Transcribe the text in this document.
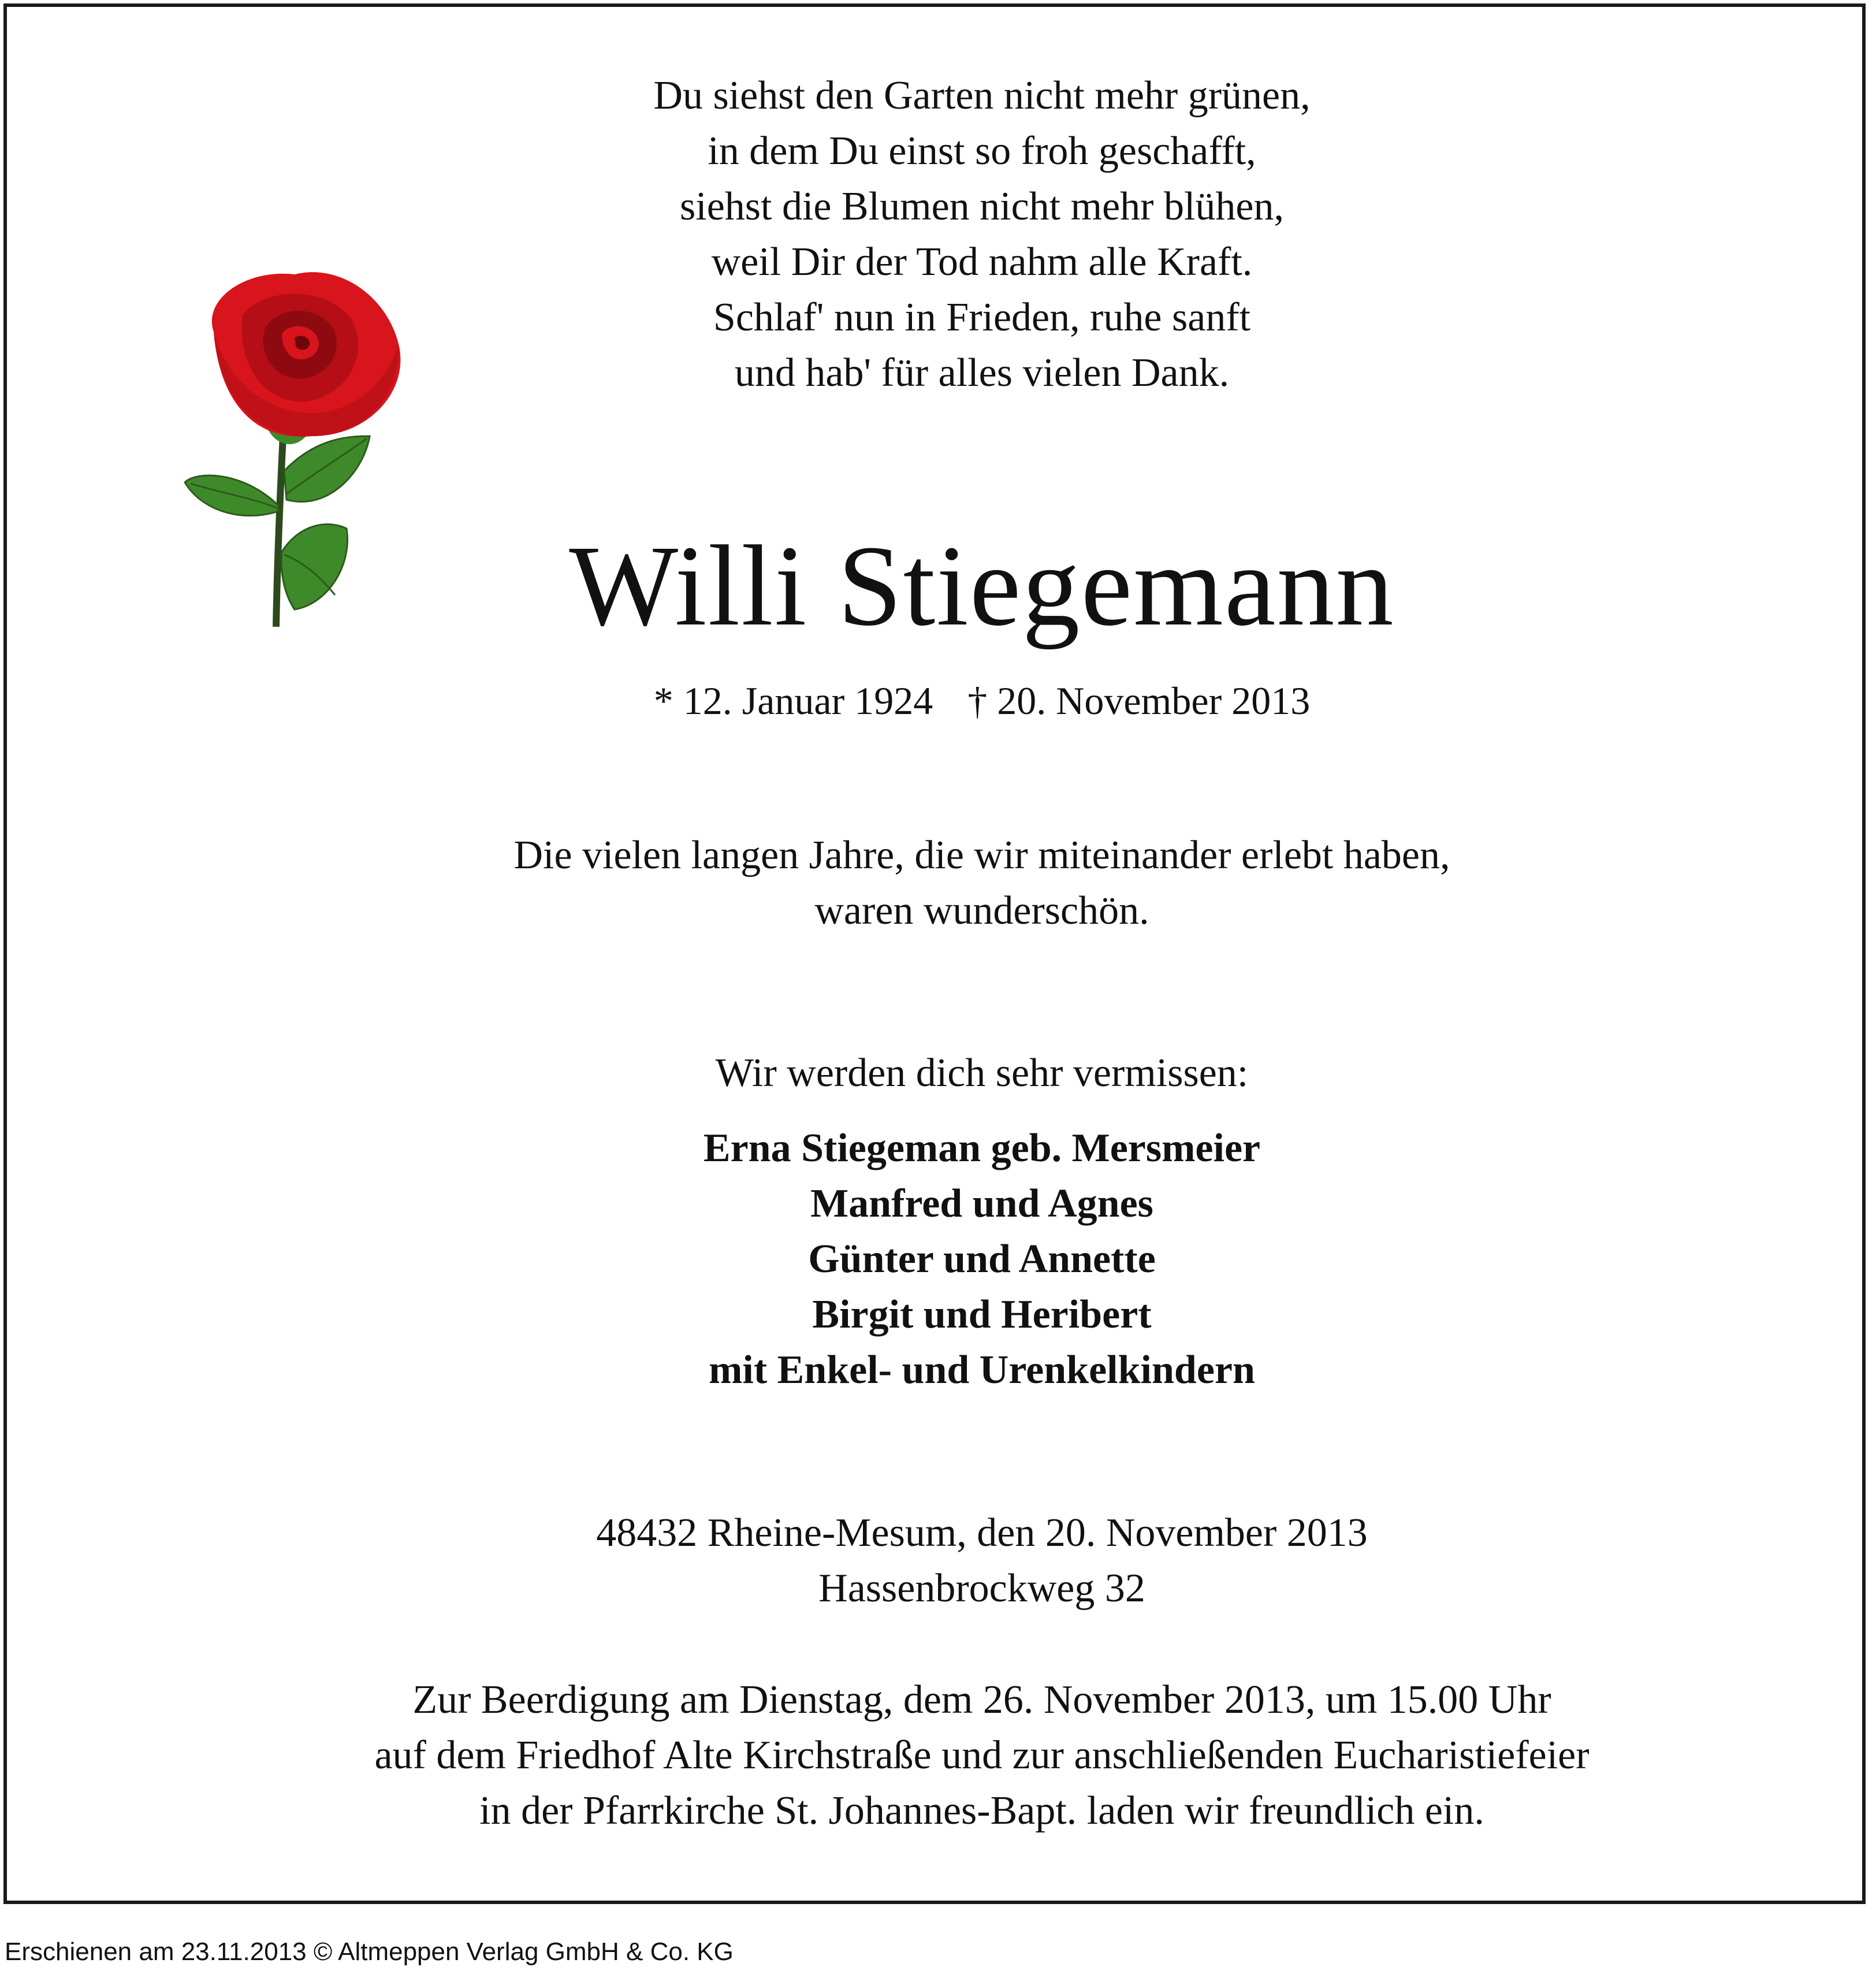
Du siehst den Garten nicht mehr grünen,
in dem Du einst so froh geschafft,
siehst die Blumen nicht mehr blühen,
weil Dir der Tod nahm alle Kraft.
Schlaf' nun in Frieden, ruhe sanft
und hab' für alles vielen Dank.
Willi Stiegemann
* 12. Januar 1924 † 20. November 2013
Die vielen langen Jahre, die wir miteinander erlebt haben,
waren wunderschön.
Wir werden dich sehr vermissen:
Erna Stiegeman geb. Mersmeier
Manfred und Agnes
Günter und Annette
Birgit und Heribert
mit Enkel- und Urenkelkindern
48432 Rheine-Mesum, den 20. November 2013
Hassenbrockweg 32
Zur Beerdigung am Dienstag, dem 26. November 2013, um 15.00 Uhr
auf dem Friedhof Alte Kirchstraße und zur anschließenden Eucharistiefeier
in der Pfarrkirche St. Johannes-Bapt. laden wir freundlich ein.
Erschienen am 23.11.2013 © Altmeppen Verlag GmbH & Co. KG
